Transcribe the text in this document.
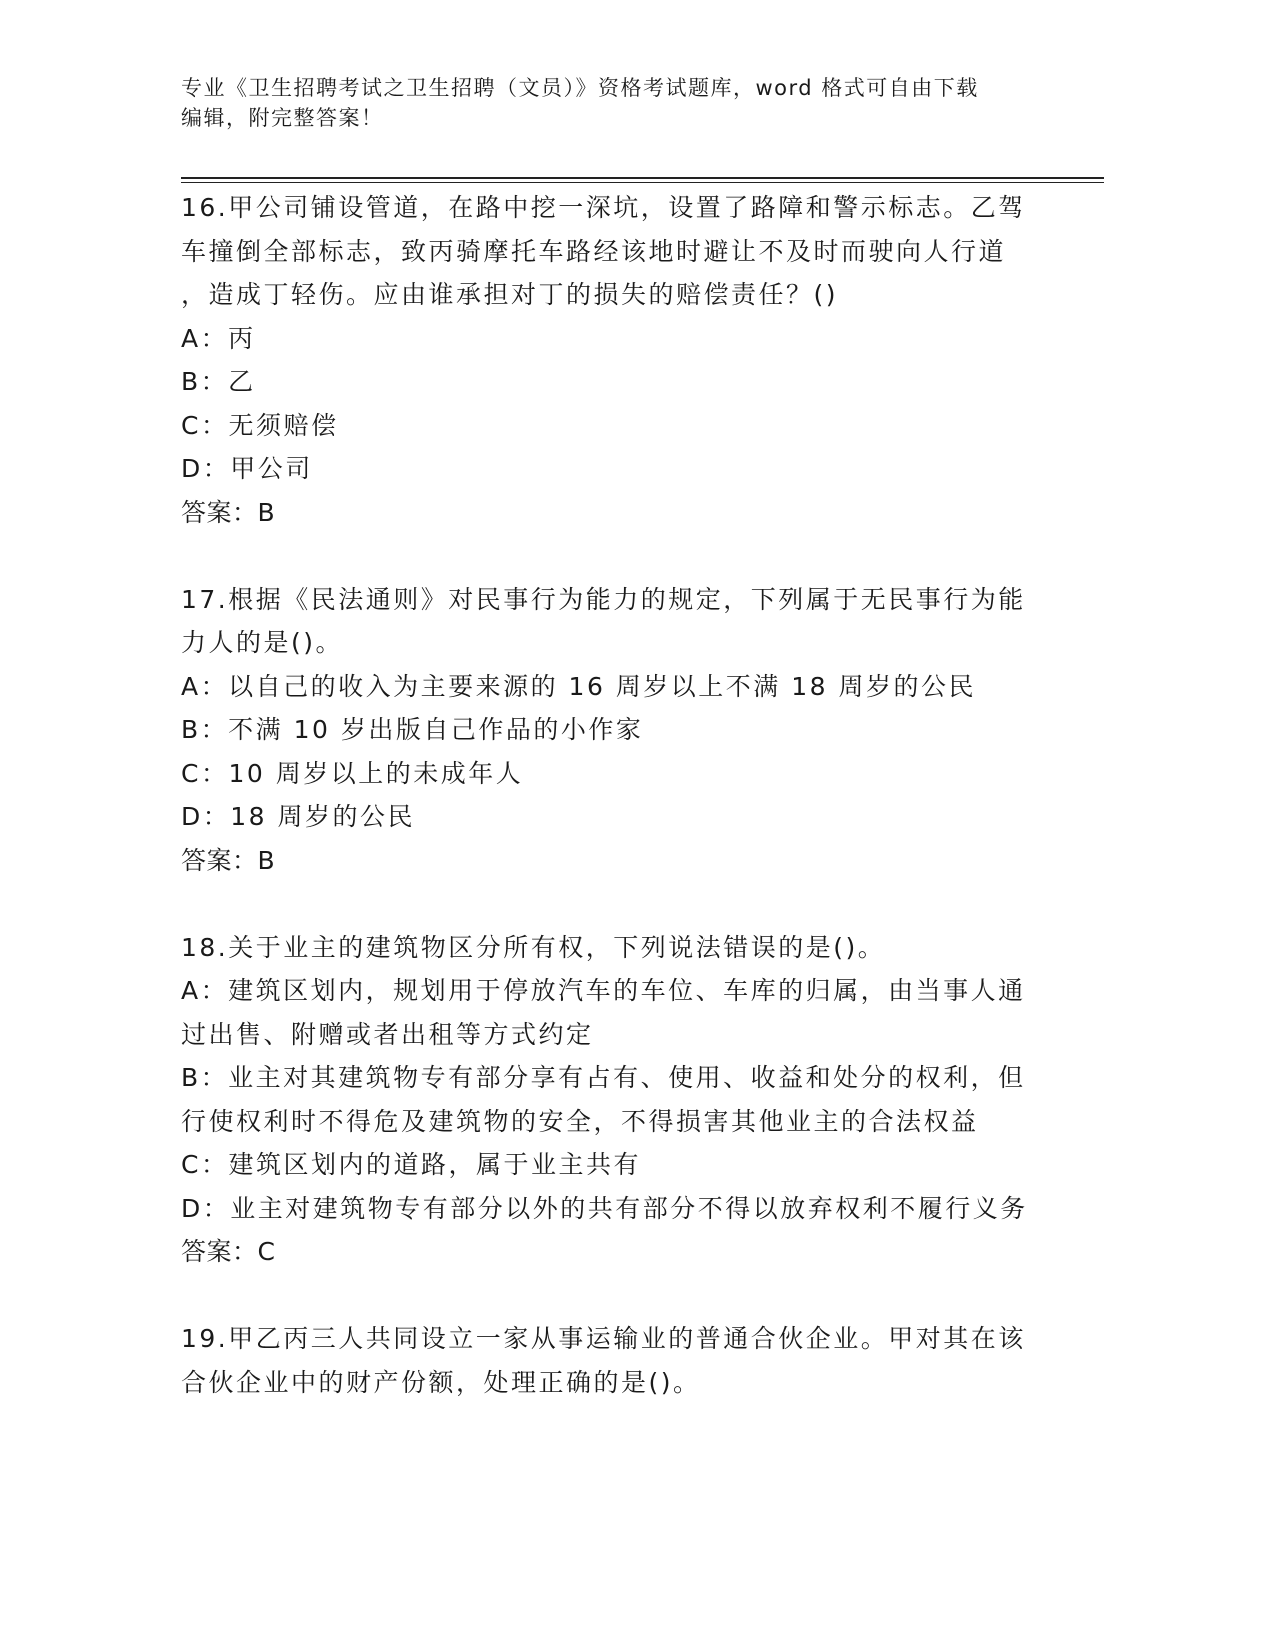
专业《卫生招聘考试之卫生招聘（文员）》资格考试题库，word 格式可自由下载
编辑，附完整答案！
16.甲公司铺设管道，在路中挖一深坑，设置了路障和警示标志。乙驾
车撞倒全部标志，致丙骑摩托车路经该地时避让不及时而驶向人行道
，造成丁轻伤。应由谁承担对丁的损失的赔偿责任？()
A：丙
B：乙
C：无须赔偿
D：甲公司
答案：B
17.根据《民法通则》对民事行为能力的规定，下列属于无民事行为能
力人的是()。
A：以自己的收入为主要来源的 16 周岁以上不满 18 周岁的公民
B：不满 10 岁出版自己作品的小作家
C：10 周岁以上的未成年人
D：18 周岁的公民
答案：B
18.关于业主的建筑物区分所有权，下列说法错误的是()。
A：建筑区划内，规划用于停放汽车的车位、车库的归属，由当事人通
过出售、附赠或者出租等方式约定
B：业主对其建筑物专有部分享有占有、使用、收益和处分的权利，但
行使权利时不得危及建筑物的安全，不得损害其他业主的合法权益
C：建筑区划内的道路，属于业主共有
D：业主对建筑物专有部分以外的共有部分不得以放弃权利不履行义务
答案：C
19.甲乙丙三人共同设立一家从事运输业的普通合伙企业。甲对其在该
合伙企业中的财产份额，处理正确的是()。
